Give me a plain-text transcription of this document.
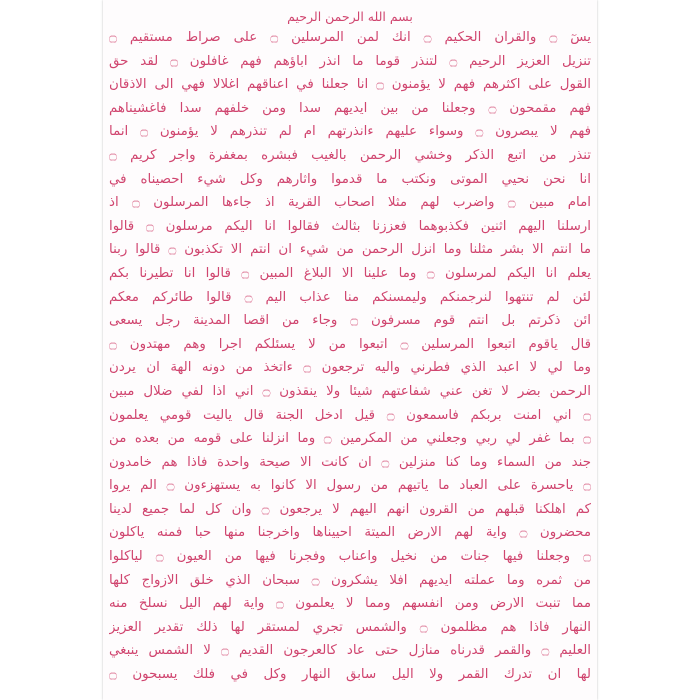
بسم الله الرحمن الرحيم
يسٓ ۝ والقران الحكيم ۝ انك لمن المرسلين ۝ على صراط مستقيم ۝
تنزيل العزيز الرحيم ۝ لتنذر قوما ما انذر اباؤهم فهم غافلون ۝ لقد حق
القول على اكثرهم فهم لا يؤمنون ۝ انا جعلنا في اعناقهم اغلالا فهي الى الاذقان
فهم مقمحون ۝ وجعلنا من بين ايديهم سدا ومن خلفهم سدا فاغشيناهم
فهم لا يبصرون ۝ وسواء عليهم ءانذرتهم ام لم تنذرهم لا يؤمنون ۝ انما
تنذر من اتبع الذكر وخشي الرحمن بالغيب فبشره بمغفرة واجر كريم ۝
انا نحن نحيي الموتى ونكتب ما قدموا واثارهم وكل شيء احصيناه في
امام مبين ۝ واضرب لهم مثلا اصحاب القرية اذ جاءها المرسلون ۝ اذ
ارسلنا اليهم اثنين فكذبوهما فعززنا بثالث فقالوا انا اليكم مرسلون ۝ قالوا
ما انتم الا بشر مثلنا وما انزل الرحمن من شيء ان انتم الا تكذبون ۝ قالوا ربنا
يعلم انا اليكم لمرسلون ۝ وما علينا الا البلاغ المبين ۝ قالوا انا تطيرنا بكم
لئن لم تنتهوا لنرجمنكم وليمسنكم منا عذاب اليم ۝ قالوا طائركم معكم
ائن ذكرتم بل انتم قوم مسرفون ۝ وجاء من اقصا المدينة رجل يسعى
قال ياقوم اتبعوا المرسلين ۝ اتبعوا من لا يسئلكم اجرا وهم مهتدون ۝
وما لي لا اعبد الذي فطرني واليه ترجعون ۝ ءاتخذ من دونه الهة ان يردن
الرحمن بضر لا تغن عني شفاعتهم شيئا ولا ينقذون ۝ اني اذا لفي ضلال مبين
۝ اني امنت بربكم فاسمعون ۝ قيل ادخل الجنة قال ياليت قومي يعلمون
۝ بما غفر لي ربي وجعلني من المكرمين ۝ وما انزلنا على قومه من بعده من
جند من السماء وما كنا منزلين ۝ ان كانت الا صيحة واحدة فاذا هم خامدون
۝ ياحسرة على العباد ما ياتيهم من رسول الا كانوا به يستهزءون ۝ الم يروا
كم اهلكنا قبلهم من القرون انهم اليهم لا يرجعون ۝ وان كل لما جميع لدينا
محضرون ۝ واية لهم الارض الميتة احييناها واخرجنا منها حبا فمنه ياكلون
۝ وجعلنا فيها جنات من نخيل واعناب وفجرنا فيها من العيون ۝ لياكلوا
من ثمره وما عملته ايديهم افلا يشكرون ۝ سبحان الذي خلق الازواج كلها
مما تنبت الارض ومن انفسهم ومما لا يعلمون ۝ واية لهم اليل نسلخ منه
النهار فاذا هم مظلمون ۝ والشمس تجري لمستقر لها ذلك تقدير العزيز
العليم ۝ والقمر قدرناه منازل حتى عاد كالعرجون القديم ۝ لا الشمس ينبغي
لها ان تدرك القمر ولا اليل سابق النهار وكل في فلك يسبحون ۝
